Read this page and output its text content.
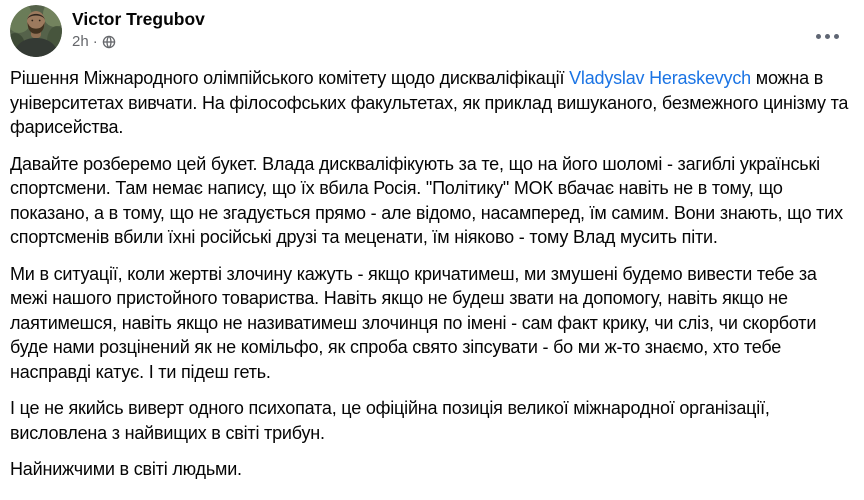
Victor Tregubov
2h ·

Рішення Міжнародного олімпійського комітету щодо дискваліфікації Vladyslav Heraskevych можна в університетах вивчати. На філософських факультетах, як приклад вишуканого, безмежного цинізму та фарисейства.

Давайте розберемо цей букет. Влада дискваліфікують за те, що на його шоломі - загиблі українські спортсмени. Там немає напису, що їх вбила Росія. "Політику" МОК вбачає навіть не в тому, що показано, а в тому, що не згадується прямо - але відомо, насамперед, їм самим. Вони знають, що тих спортсменів вбили їхні російські друзі та меценати, їм ніяково - тому Влад мусить піти.

Ми в ситуації, коли жертві злочину кажуть - якщо кричатимеш, ми змушені будемо вивести тебе за межі нашого пристойного товариства. Навіть якщо не будеш звати на допомогу, навіть якщо не лаятимешся, навіть якщо не називатимеш злочинця по імені - сам факт крику, чи сліз, чи скорботи буде нами розцінений як не комільфо, як спроба свято зіпсувати - бо ми ж-то знаємо, хто тебе насправді катує. І ти підеш геть.

І це не якийсь виверт одного психопата, це офіційна позиція великої міжнародної організації, висловлена з найвищих в світі трибун.

Найнижчими в світі людьми.
